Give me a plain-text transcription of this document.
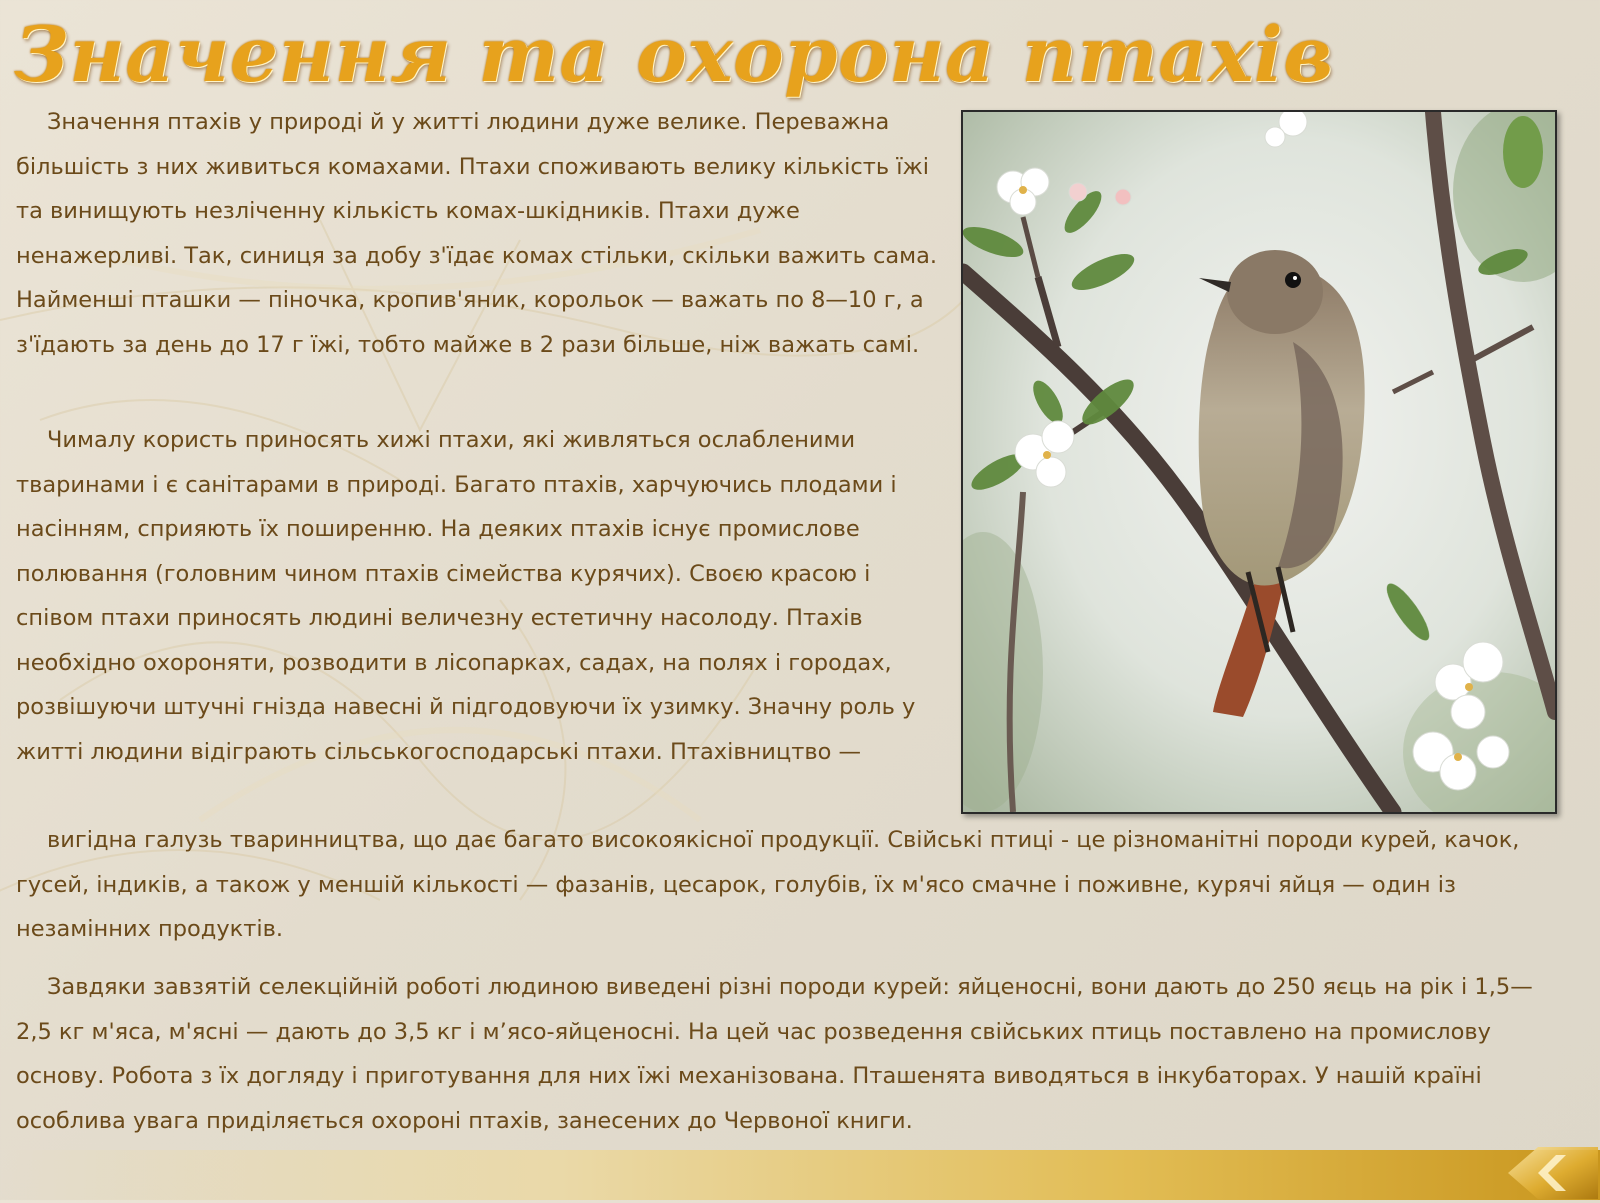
Значення та охорона птахів

Значення птахів у природі й у житті людини дуже велике. Переважна більшість з них живиться комахами. Птахи споживають велику кількість їжі та винищують незліченну кількість комах-шкідників. Птахи дуже ненажерливі. Так, синиця за добу з'їдає комах стільки, скільки важить сама. Найменші пташки — піночка, кропив'яник, корольок — важать по 8—10 г, а з'їдають за день до 17 г їжі, тобто майже в 2 рази більше, ніж важать самі.

Чималу користь приносять хижі птахи, які живляться ослабленими тваринами і є санітарами в природі. Багато птахів, харчуючись плодами і насінням, сприяють їх поширенню. На деяких птахів існує промислове полювання (головним чином птахів сімейства курячих). Своєю красою і співом птахи приносять людині величезну естетичну насолоду. Птахів необхідно охороняти, розводити в лісопарках, садах, на полях і городах, розвішуючи штучні гнізда навесні й підгодовуючи їх узимку. Значну роль у житті людини відіграють сільськогосподарські птахи. Птахівництво —

вигідна галузь тваринництва, що дає багато високоякісної продукції. Свійські птиці - це різноманітні породи курей, качок, гусей, індиків, а також у меншій кількості — фазанів, цесарок, голубів, їх м'ясо смачне і поживне, курячі яйця — один із незамінних продуктів.

Завдяки завзятій селекційній роботі людиною виведені різні породи курей: яйценосні, вони дають до 250 яєць на рік і 1,5— 2,5 кг м'яса, м'ясні — дають до 3,5 кг і м’ясо-яйценосні. На цей час розведення свійських птиць поставлено на промислову основу. Робота з їх догляду і приготування для них їжі механізована. Пташенята виводяться в інкубаторах. У нашій країні особлива увага приділяється охороні птахів, занесених до Червоної книги.
